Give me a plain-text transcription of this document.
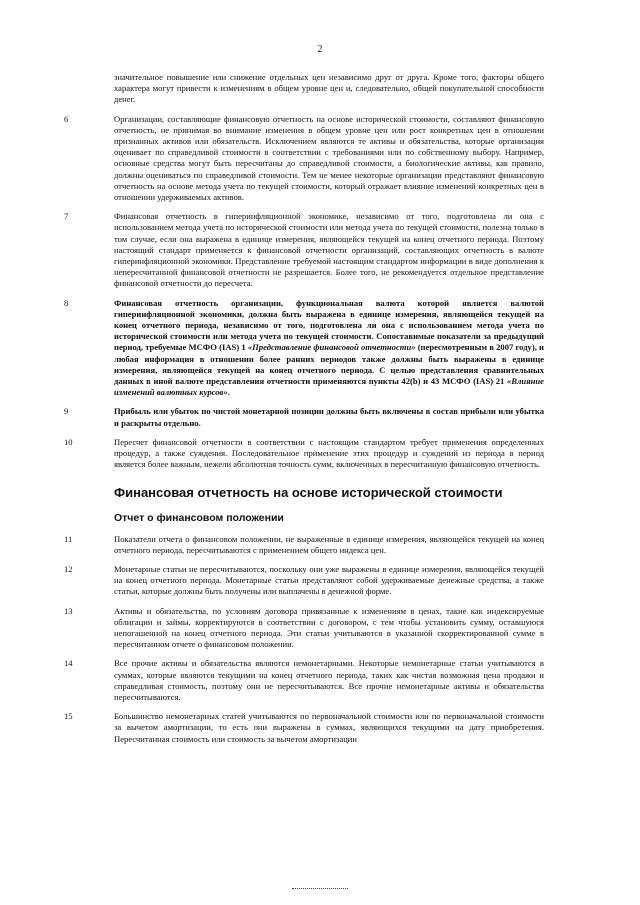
2

значительное повышение или снижение отдельных цен независимо друг от друга. Кроме того, факторы общего характера могут привести к изменениям в общем уровне цен и, следовательно, общей покупательной способности денег.

6	Организации, составляющие финансовую отчетность на основе исторической стоимости, составляют финансовую отчетность, не принимая во внимание изменения в общем уровне цен или рост конкретных цен в отношении признанных активов или обязательств. Исключением являются те активы и обязательства, которые организация оценивает по справедливой стоимости в соответствии с требованиями или по собственному выбору. Например, основные средства могут быть пересчитаны до справедливой стоимости, а биологические активы, как правило, должны оцениваться по справедливой стоимости. Тем не менее некоторые организации представляют финансовую отчетность на основе метода учета по текущей стоимости, который отражает влияние изменений конкретных цен в отношении удерживаемых активов.

7	Финансовая отчетность в гиперинфляционной экономике, независимо от того, подготовлена ли она с использованием метода учета по исторической стоимости или метода учета по текущей стоимости, полезна только в том случае, если она выражена в единице измерения, являющейся текущей на конец отчетного периода. Поэтому настоящий стандарт применяется к финансовой отчетности организаций, составляющих отчетность в валюте гиперинфляционной экономики. Представление требуемой настоящим стандартом информации в виде дополнения к непересчитанной финансовой отчетности не разрешается. Более того, не рекомендуется отдельное представление финансовой отчетности до пересчета.

8	Финансовая отчетность организации, функциональная валюта которой является валютой гиперинфляционной экономики, должна быть выражена в единице измерения, являющейся текущей на конец отчетного периода, независимо от того, подготовлена ли она с использованием метода учета по исторической стоимости или метода учета по текущей стоимости. Сопоставимые показатели за предыдущий период, требуемые МСФО (IAS) 1 «Представление финансовой отчетности» (пересмотренным в 2007 году), и любая информация в отношении более ранних периодов также должны быть выражены в единице измерения, являющейся текущей на конец отчетного периода. С целью представления сравнительных данных в иной валюте представления отчетности применяются пункты 42(b) и 43 МСФО (IAS) 21 «Влияние изменений валютных курсов».

9	Прибыль или убыток по чистой монетарной позиции должны быть включены в состав прибыли или убытка и раскрыты отдельно.

10	Пересчет финансовой отчетности в соответствии с настоящим стандартом требует применения определенных процедур, а также суждения. Последовательное применение этих процедур и суждений из периода в период является более важным, нежели абсолютная точность сумм, включенных в пересчитанную финансовую отчетность.

Финансовая отчетность на основе исторической стоимости
Отчет о финансовом положении

11	Показатели отчета о финансовом положении, не выраженные в единице измерения, являющейся текущей на конец отчетного периода, пересчитываются с применением общего индекса цен.

12	Монетарные статьи не пересчитываются, поскольку они уже выражены в единице измерения, являющейся текущей на конец отчетного периода. Монетарные статьи представляют собой удерживаемые денежные средства, а также статьи, которые должны быть получены или выплачены в денежной форме.

13	Активы и обязательства, по условиям договора привязанные к изменениям в ценах, такие как индексируемые облигации и займы, корректируются в соответствии с договором, с тем чтобы установить сумму, оставшуюся непогашенной на конец отчетного периода. Эти статьи учитываются в указанной скорректированной сумме в пересчитанном отчете о финансовом положении.

14	Все прочие активы и обязательства являются немонетарными. Некоторые немонетарные статьи учитываются в суммах, которые являются текущими на конец отчетного периода, таких как чистая возможная цена продажи и справедливая стоимость, поэтому они не пересчитываются. Все прочие немонетарные активы и обязательства пересчитываются.

15	Большинство немонетарных статей учитываются по первоначальной стоимости или по первоначальной стоимости за вычетом амортизации, то есть они выражены в суммах, являющихся текущими на дату приобретения. Пересчитанная стоимость или стоимость за вычетом амортизации
